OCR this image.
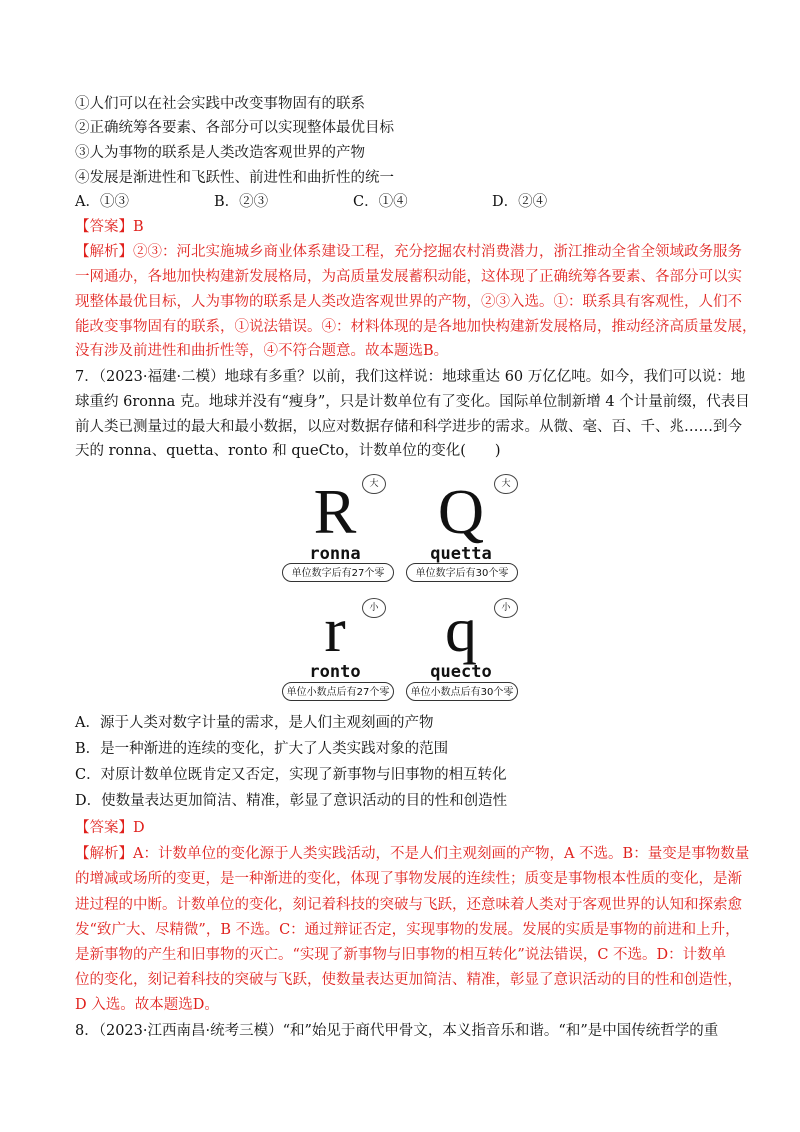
①人们可以在社会实践中改变事物固有的联系
②正确统筹各要素、各部分可以实现整体最优目标
③人为事物的联系是人类改造客观世界的产物
④发展是渐进性和飞跃性、前进性和曲折性的统一
A．①③	B．②③	C．①④	D．②④
【答案】B
【解析】②③：河北实施城乡商业体系建设工程，充分挖掘农村消费潜力，浙江推动全省全领域政务服务
一网通办，各地加快构建新发展格局，为高质量发展蓄积动能，这体现了正确统筹各要素、各部分可以实
现整体最优目标，人为事物的联系是人类改造客观世界的产物，②③入选。①：联系具有客观性，人们不
能改变事物固有的联系，①说法错误。④：材料体现的是各地加快构建新发展格局，推动经济高质量发展，
没有涉及前进性和曲折性等，④不符合题意。故本题选B。
7．（2023·福建·二模）地球有多重？以前，我们这样说：地球重达 60 万亿亿吨。如今，我们可以说：地
球重约 6ronna 克。地球并没有“瘦身”，只是计数单位有了变化。国际单位制新增 4 个计量前缀，代表目
前人类已测量过的最大和最小数据，以应对数据存储和科学进步的需求。从微、毫、百、千、兆……到今
天的 ronna、quetta、ronto 和 queCto，计数单位的变化(　　)
R
ronna
大
单位数字后有27个零
Q
quetta
大
单位数字后有30个零
r
ronto
小
单位小数点后有27个零
q
quecto
小
单位小数点后有30个零
A．源于人类对数字计量的需求，是人们主观刻画的产物
B．是一种渐进的连续的变化，扩大了人类实践对象的范围
C．对原计数单位既肯定又否定，实现了新事物与旧事物的相互转化
D．使数量表达更加简洁、精准，彰显了意识活动的目的性和创造性
【答案】D
【解析】A：计数单位的变化源于人类实践活动，不是人们主观刻画的产物，A 不选。B：量变是事物数量
的增减或场所的变更，是一种渐进的变化，体现了事物发展的连续性；质变是事物根本性质的变化，是渐
进过程的中断。计数单位的变化，刻记着科技的突破与飞跃，还意味着人类对于客观世界的认知和探索愈
发“致广大、尽精微”，B 不选。C：通过辩证否定，实现事物的发展。发展的实质是事物的前进和上升，
是新事物的产生和旧事物的灭亡。“实现了新事物与旧事物的相互转化”说法错误，C 不选。D：计数单
位的变化，刻记着科技的突破与飞跃，使数量表达更加简洁、精准，彰显了意识活动的目的性和创造性，
D 入选。故本题选D。
8．（2023·江西南昌·统考三模）“和”始见于商代甲骨文，本义指音乐和谐。“和”是中国传统哲学的重
